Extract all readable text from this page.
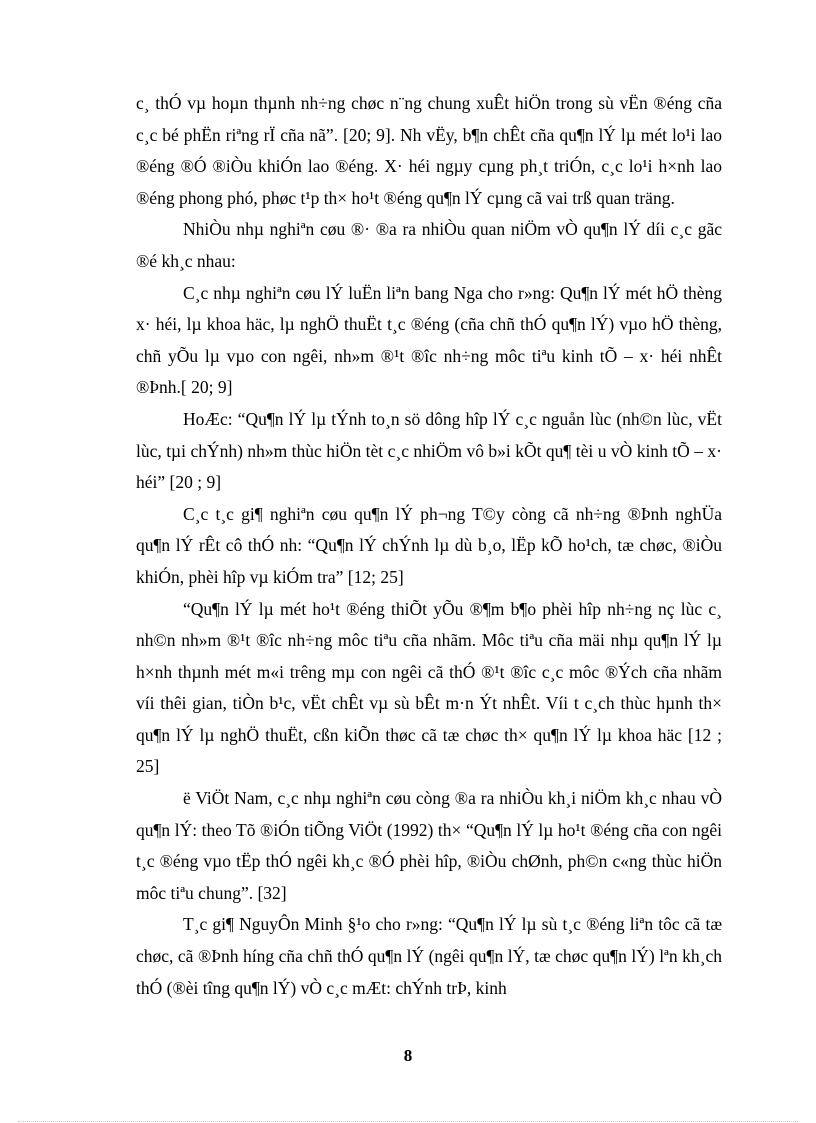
c¸ thÓ vµ hoµn thµnh nh÷ng chøc n¨ng chung xuÊt hiÖn trong sù vËn ®éng cña c¸c bé phËn riªng rÏ cña nã”. [20; 9]. Nh vËy, b¶n chÊt cña qu¶n lÝ lµ mét lo¹i lao ®éng ®Ó ®iÒu khiÓn lao ®éng. X· héi ngµy cµng ph¸t triÓn, c¸c lo¹i h×nh lao ®éng phong phó, phøc t¹p th× ho¹t ®éng qu¶n lÝ cµng cã vai trß quan träng.

NhiÒu nhµ nghiªn cøu ®· ®a ra nhiÒu quan niÖm vÒ qu¶n lÝ díi c¸c gãc ®é kh¸c nhau:

C¸c nhµ nghiªn cøu lÝ luËn liªn bang Nga cho r»ng: Qu¶n lÝ mét hÖ thèng x· héi, lµ khoa häc, lµ nghÖ thuËt t¸c ®éng (cña chñ thÓ qu¶n lÝ) vµo hÖ thèng, chñ yÕu lµ vµo con ngêi, nh»m ®¹t ®îc nh÷ng môc tiªu kinh tÕ – x· héi nhÊt ®Þnh.[ 20; 9]

HoÆc: “Qu¶n lÝ lµ tÝnh to¸n sö dông hîp lÝ c¸c nguån lùc (nh©n lùc, vËt lùc, tµi chÝnh) nh»m thùc hiÖn tèt c¸c nhiÖm vô b»i kÕt qu¶ tèi u vÒ kinh tÕ – x· héi” [20 ; 9]

C¸c t¸c gi¶ nghiªn cøu qu¶n lÝ ph¬ng T©y còng cã nh÷ng ®Þnh nghÜa qu¶n lÝ rÊt cô thÓ nh: “Qu¶n lÝ chÝnh lµ dù b¸o, lËp kÕ ho¹ch, tæ chøc, ®iÒu khiÓn, phèi hîp vµ kiÓm tra” [12; 25]

“Qu¶n lÝ lµ mét ho¹t ®éng thiÕt yÕu ®¶m b¶o phèi hîp nh÷ng nç lùc c¸ nh©n nh»m ®¹t ®îc nh÷ng môc tiªu cña nhãm. Môc tiªu cña mäi nhµ qu¶n lÝ lµ h×nh thµnh mét m«i trêng mµ con ngêi cã thÓ ®¹t ®îc c¸c môc ®Ých cña nhãm víi thêi gian, tiÒn b¹c, vËt chÊt vµ sù bÊt m·n Ýt nhÊt. Víi t c¸ch thùc hµnh th× qu¶n lÝ lµ nghÖ thuËt, cßn kiÕn thøc cã tæ chøc th× qu¶n lÝ lµ khoa häc [12 ; 25]

ë ViÖt Nam, c¸c nhµ nghiªn cøu còng ®a ra nhiÒu kh¸i niÖm kh¸c nhau vÒ qu¶n lÝ: theo Tõ ®iÓn tiÕng ViÖt (1992) th× “Qu¶n lÝ lµ ho¹t ®éng cña con ngêi t¸c ®éng vµo tËp thÓ ngêi kh¸c ®Ó phèi hîp, ®iÒu chØnh, ph©n c«ng thùc hiÖn môc tiªu chung”. [32]

T¸c gi¶ NguyÔn Minh §¹o cho r»ng: “Qu¶n lÝ lµ sù t¸c ®éng liªn tôc cã tæ chøc, cã ®Þnh híng cña chñ thÓ qu¶n lÝ (ngêi qu¶n lÝ, tæ chøc qu¶n lÝ) lªn kh¸ch thÓ (®èi tîng qu¶n lÝ) vÒ c¸c mÆt: chÝnh trÞ, kinh

8
